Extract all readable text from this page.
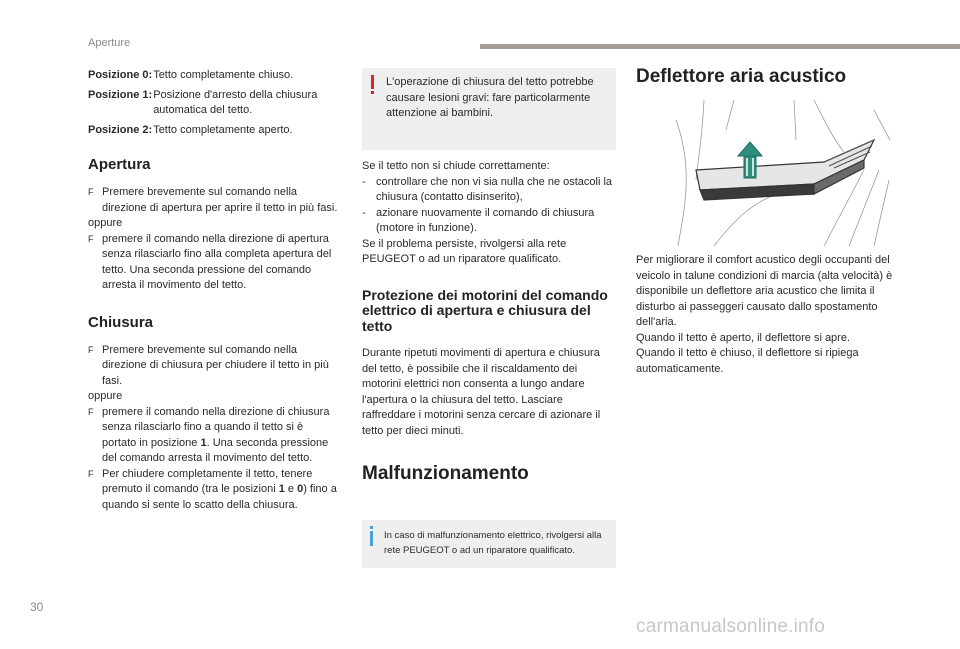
Aperture
Posizione 0: Tetto completamente chiuso.
Posizione 1: Posizione d'arresto della chiusura automatica del tetto.
Posizione 2: Tetto completamente aperto.
Apertura
F Premere brevemente sul comando nella direzione di apertura per aprire il tetto in più fasi.
oppure
F premere il comando nella direzione di apertura senza rilasciarlo fino alla completa apertura del tetto. Una seconda pressione del comando arresta il movimento del tetto.
Chiusura
F Premere brevemente sul comando nella direzione di chiusura per chiudere il tetto in più fasi.
oppure
F premere il comando nella direzione di chiusura senza rilasciarlo fino a quando il tetto si è portato in posizione 1. Una seconda pressione del comando arresta il movimento del tetto.
F Per chiudere completamente il tetto, tenere premuto il comando (tra le posizioni 1 e 0) fino a quando si sente lo scatto della chiusura.
L'operazione di chiusura del tetto potrebbe causare lesioni gravi: fare particolarmente attenzione ai bambini.
Se il tetto non si chiude correttamente:
- controllare che non vi sia nulla che ne ostacoli la chiusura (contatto disinserito),
- azionare nuovamente il comando di chiusura (motore in funzione).
Se il problema persiste, rivolgersi alla rete PEUGEOT o ad un riparatore qualificato.
Protezione dei motorini del comando elettrico di apertura e chiusura del tetto
Durante ripetuti movimenti di apertura e chiusura del tetto, è possibile che il riscaldamento dei motorini elettrici non consenta a lungo andare l'apertura o la chiusura del tetto. Lasciare raffreddare i motorini senza cercare di azionare il tetto per dieci minuti.
Malfunzionamento
In caso di malfunzionamento elettrico, rivolgersi alla rete PEUGEOT o ad un riparatore qualificato.
Deflettore aria acustico
Per migliorare il comfort acustico degli occupanti del veicolo in talune condizioni di marcia (alta velocità) è disponibile un deflettore aria acustico che limita il disturbo ai passeggeri causato dallo spostamento dell'aria.
Quando il tetto è aperto, il deflettore si apre.
Quando il tetto è chiuso, il deflettore si ripiega automaticamente.
30
carmanualsonline.info
